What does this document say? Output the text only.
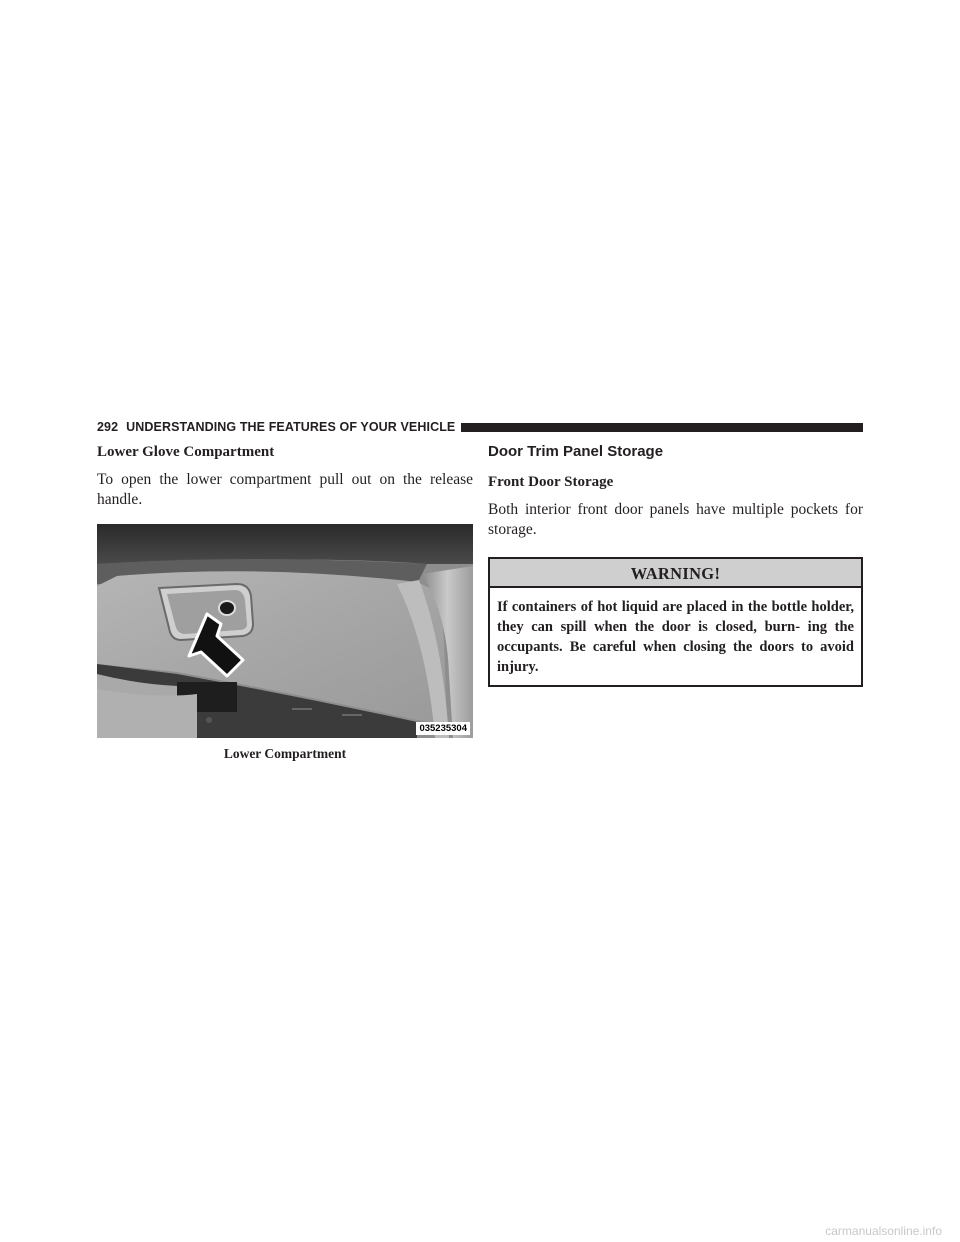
292 UNDERSTANDING THE FEATURES OF YOUR VEHICLE
Lower Glove Compartment

To open the lower compartment pull out on the release handle.

035235304
Lower Compartment
Door Trim Panel Storage
Front Door Storage

Both interior front door panels have multiple pockets for storage.

WARNING!
If containers of hot liquid are placed in the bottle holder, they can spill when the door is closed, burn- ing the occupants. Be careful when closing the doors to avoid injury.
carmanualsonline.info
